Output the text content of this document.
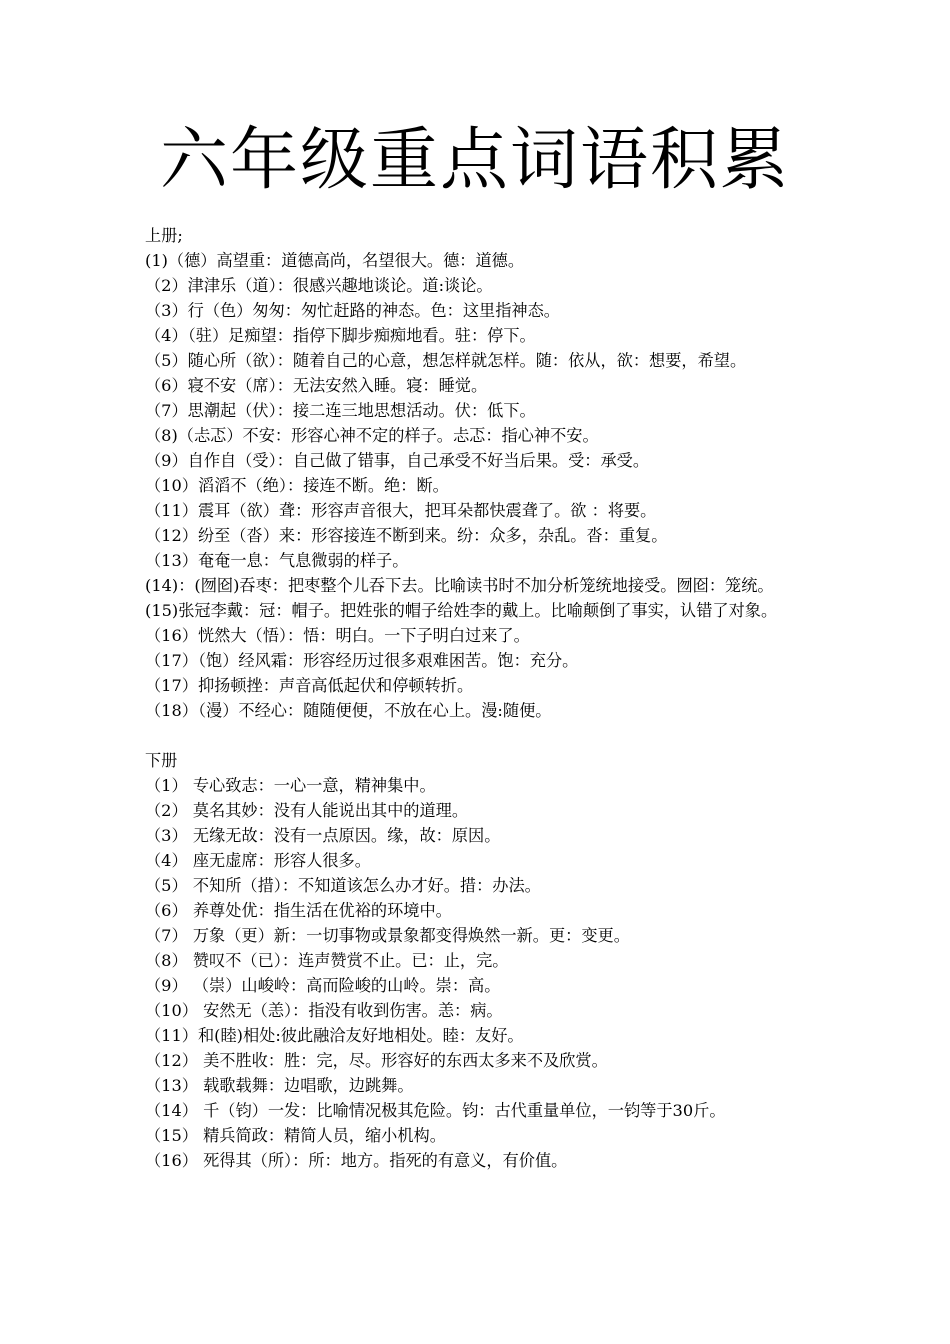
六年级重点词语积累
上册;
(1)（德）高望重：道德高尚，名望很大。德：道德。
（2）津津乐（道）：很感兴趣地谈论。道:谈论。
（3）行（色）匆匆：匆忙赶路的神态。色：这里指神态。
（4）（驻）足痴望：指停下脚步痴痴地看。驻：停下。
（5）随心所（欲）：随着自己的心意，想怎样就怎样。随：依从，欲：想要，希望。
（6）寝不安（席）：无法安然入睡。寝：睡觉。
（7）思潮起（伏）：接二连三地思想活动。伏：低下。
（8)（忐忑）不安：形容心神不定的样子。忐忑：指心神不安。
（9）自作自（受）：自己做了错事，自己承受不好当后果。受：承受。
（10）滔滔不（绝）：接连不断。绝：断。
（11）震耳（欲）聋：形容声音很大，把耳朵都快震聋了。欲 ：将要。
（12）纷至（沓）来：形容接连不断到来。纷：众多，杂乱。沓：重复。
（13）奄奄一息：气息微弱的样子。
(14)：(囫囵)吞枣：把枣整个儿吞下去。比喻读书时不加分析笼统地接受。囫囵：笼统。
(15)张冠李戴：冠：帽子。把姓张的帽子给姓李的戴上。比喻颠倒了事实，认错了对象。
（16）恍然大（悟）：悟：明白。一下子明白过来了。
（17）（饱）经风霜：形容经历过很多艰难困苦。饱：充分。
（17）抑扬顿挫：声音高低起伏和停顿转折。
（18）（漫）不经心：随随便便，不放在心上。漫:随便。
下册
（1） 专心致志：一心一意，精神集中。
（2） 莫名其妙：没有人能说出其中的道理。
（3） 无缘无故：没有一点原因。缘，故：原因。
（4） 座无虚席：形容人很多。
（5） 不知所（措）：不知道该怎么办才好。措：办法。
（6） 养尊处优：指生活在优裕的环境中。
（7） 万象（更）新：一切事物或景象都变得焕然一新。更：变更。
（8） 赞叹不（已）：连声赞赏不止。已：止，完。
（9） （崇）山峻岭：高而险峻的山岭。崇：高。
（10） 安然无（恙）：指没有收到伤害。恙：病。
（11）和(睦)相处:彼此融洽友好地相处。睦：友好。
（12） 美不胜收：胜：完，尽。形容好的东西太多来不及欣赏。
（13） 载歌载舞：边唱歌，边跳舞。
（14） 千（钧）一发：比喻情况极其危险。钧：古代重量单位，一钧等于30斤。
（15） 精兵简政：精简人员，缩小机构。
（16） 死得其（所）：所：地方。指死的有意义，有价值。
